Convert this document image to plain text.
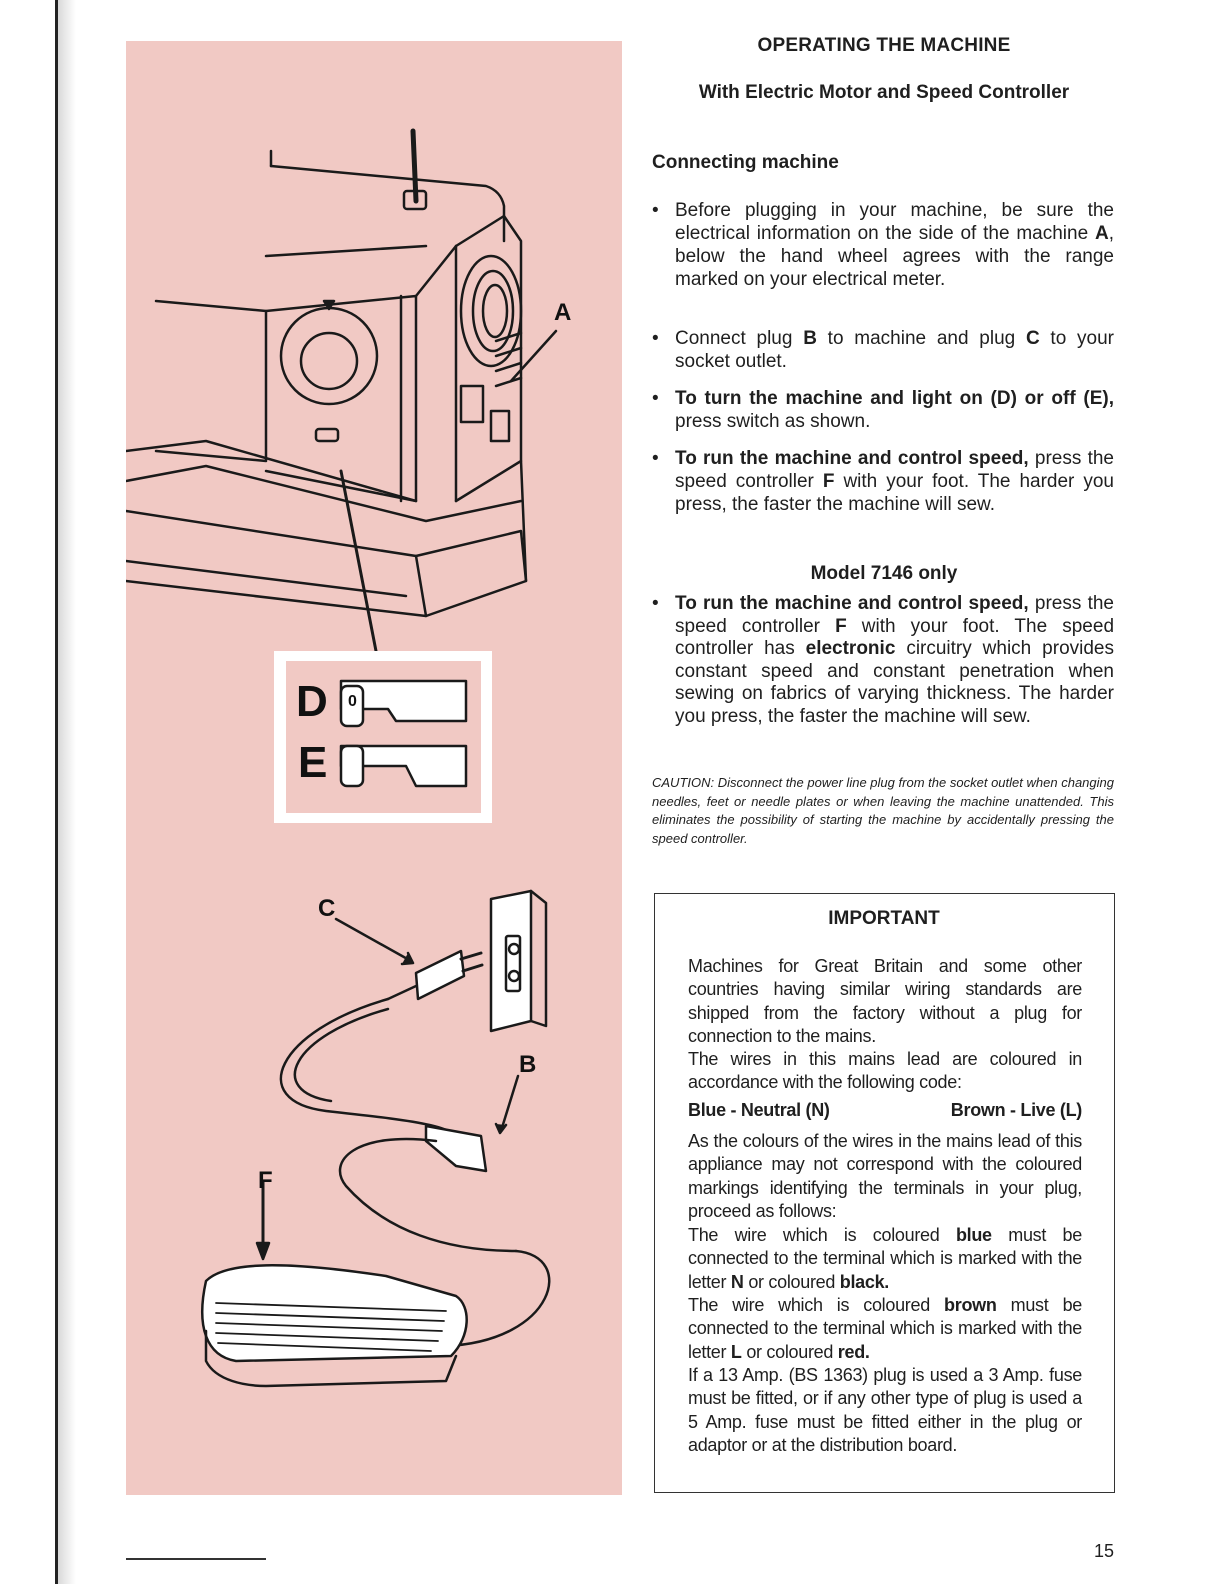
A
D
E
0
C
B
F
OPERATING THE MACHINE
With Electric Motor and Speed Controller
Connecting machine
• Before plugging in your machine, be sure the electrical information on the side of the machine A, below the hand wheel agrees with the range marked on your electrical meter.
• Connect plug B to machine and plug C to your socket outlet.
• To turn the machine and light on (D) or off (E), press switch as shown.
• To run the machine and control speed, press the speed controller F with your foot. The harder you press, the faster the machine will sew.
Model 7146 only
• To run the machine and control speed, press the speed controller F with your foot. The speed controller has electronic circuitry which provides constant speed and constant penetration when sewing on fabrics of varying thickness. The harder you press, the faster the machine will sew.
CAUTION: Disconnect the power line plug from the socket outlet when changing needles, feet or needle plates or when leaving the machine unattended. This eliminates the possibility of starting the machine by accidentally pressing the speed controller.
IMPORTANT
Machines for Great Britain and some other countries having similar wiring standards are shipped from the factory without a plug for connection to the mains.
The wires in this mains lead are coloured in accordance with the following code:
Blue - Neutral (N)	Brown - Live (L)
As the colours of the wires in the mains lead of this appliance may not correspond with the coloured markings identifying the terminals in your plug, proceed as follows:
The wire which is coloured blue must be connected to the terminal which is marked with the letter N or coloured black.
The wire which is coloured brown must be connected to the terminal which is marked with the letter L or coloured red.
If a 13 Amp. (BS 1363) plug is used a 3 Amp. fuse must be fitted, or if any other type of plug is used a 5 Amp. fuse must be fitted either in the plug or adaptor or at the distribution board.
15
